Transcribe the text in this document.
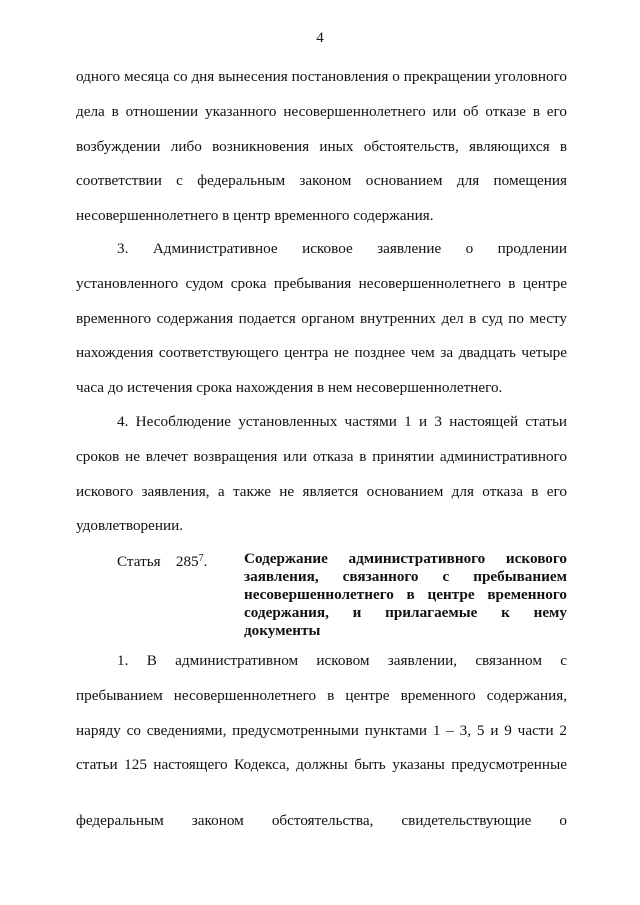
4
одного месяца со дня вынесения постановления о прекращении уголовного дела в отношении указанного несовершеннолетнего или об отказе в его возбуждении либо возникновения иных обстоятельств, являющихся в соответствии с федеральным законом основанием для помещения несовершеннолетнего в центр временного содержания.
3. Административное исковое заявление о продлении установленного судом срока пребывания несовершеннолетнего в центре временного содержания подается органом внутренних дел в суд по месту нахождения соответствующего центра не позднее чем за двадцать четыре часа до истечения срока нахождения в нем несовершеннолетнего.
4. Несоблюдение установленных частями 1 и 3 настоящей статьи сроков не влечет возвращения или отказа в принятии административного искового заявления, а также не является основанием для отказа в его удовлетворении.
Статья $285^7$. Содержание административного искового заявления, связанного с пребыванием несовершеннолетнего в центре временного содержания, и прилагаемые к нему документы
1. В административном исковом заявлении, связанном с пребыванием несовершеннолетнего в центре временного содержания, наряду со сведениями, предусмотренными пунктами 1 – 3, 5 и 9 части 2 статьи 125 настоящего Кодекса, должны быть указаны предусмотренные
федеральным законом обстоятельства, свидетельствующие о
